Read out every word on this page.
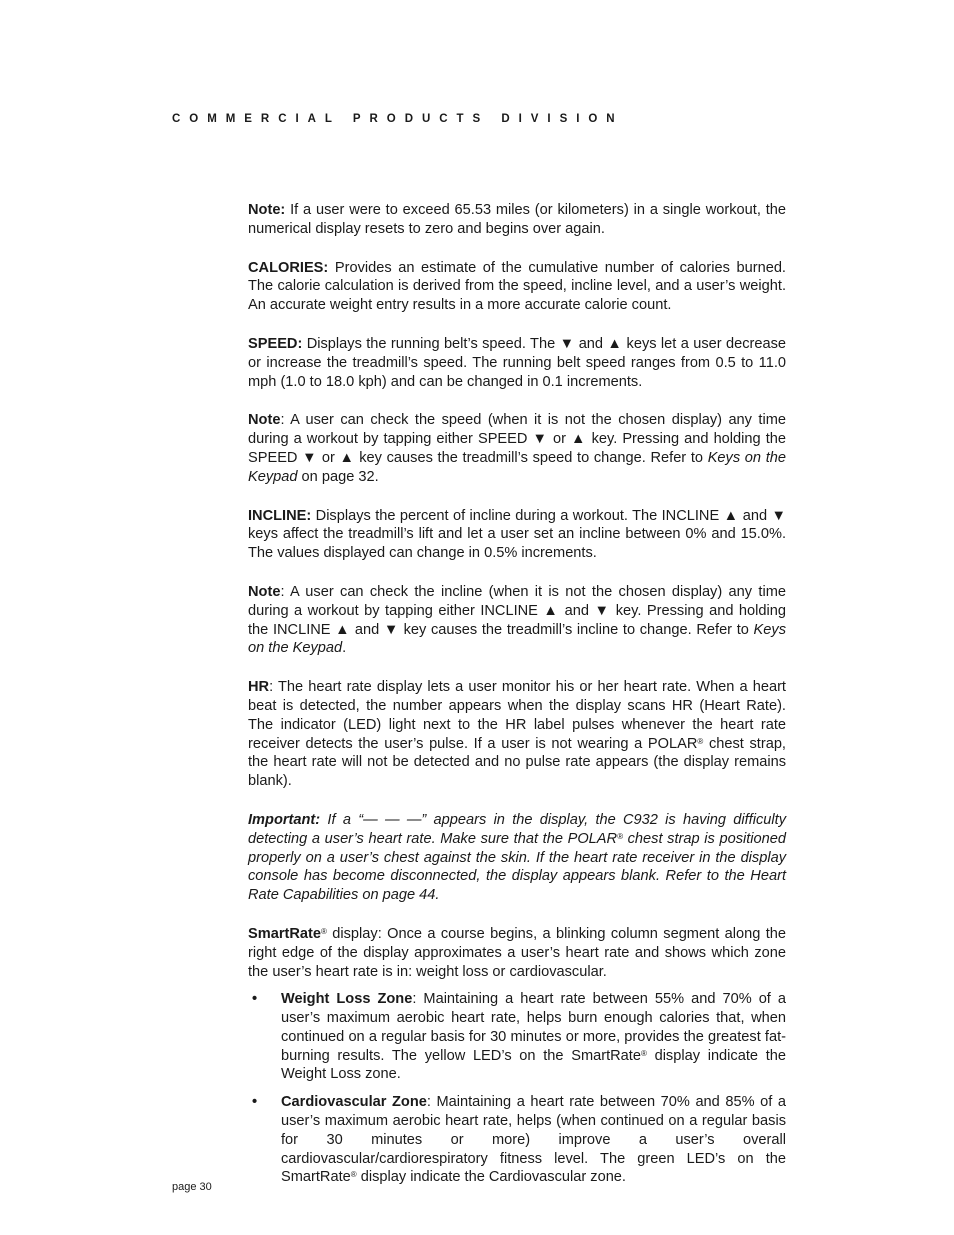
COMMERCIAL PRODUCTS DIVISION

Note: If a user were to exceed 65.53 miles (or kilometers) in a single workout, the numerical display resets to zero and begins over again.

CALORIES: Provides an estimate of the cumulative number of calories burned. The calorie calculation is derived from the speed, incline level, and a user’s weight. An accurate weight entry results in a more accurate calorie count.

SPEED: Displays the running belt’s speed. The ▼ and ▲ keys let a user decrease or increase the treadmill’s speed. The running belt speed ranges from 0.5 to 11.0 mph (1.0 to 18.0 kph) and can be changed in 0.1 increments.

Note: A user can check the speed (when it is not the chosen display) any time during a workout by tapping either SPEED ▼ or ▲ key. Pressing and holding the SPEED ▼ or ▲ key causes the treadmill’s speed to change. Refer to Keys on the Keypad on page 32.

INCLINE: Displays the percent of incline during a workout. The INCLINE ▲ and ▼ keys affect the treadmill’s lift and let a user set an incline between 0% and 15.0%. The values displayed can change in 0.5% increments.

Note: A user can check the incline (when it is not the chosen display) any time during a workout by tapping either INCLINE ▲ and ▼ key. Pressing and holding the INCLINE ▲ and ▼ key causes the treadmill’s incline to change. Refer to Keys on the Keypad.

HR: The heart rate display lets a user monitor his or her heart rate. When a heart beat is detected, the number appears when the display scans HR (Heart Rate). The indicator (LED) light next to the HR label pulses whenever the heart rate receiver detects the user’s pulse. If a user is not wearing a POLAR® chest strap, the heart rate will not be detected and no pulse rate appears (the display remains blank).

Important: If a “— — —” appears in the display, the C932 is having difficulty detecting a user’s heart rate. Make sure that the POLAR® chest strap is positioned properly on a user’s chest against the skin. If the heart rate receiver in the display console has become disconnected, the display appears blank. Refer to the Heart Rate Capabilities on page 44.

SmartRate® display: Once a course begins, a blinking column segment along the right edge of the display approximates a user’s heart rate and shows which zone the user’s heart rate is in: weight loss or cardiovascular.

• Weight Loss Zone: Maintaining a heart rate between 55% and 70% of a user’s maximum aerobic heart rate, helps burn enough calories that, when continued on a regular basis for 30 minutes or more, provides the greatest fat-burning results. The yellow LED’s on the SmartRate® display indicate the Weight Loss zone.
• Cardiovascular Zone: Maintaining a heart rate between 70% and 85% of a user’s maximum aerobic heart rate, helps (when continued on a regular basis for 30 minutes or more) improve a user’s overall cardiovascular/cardiorespiratory fitness level. The green LED’s on the SmartRate® display indicate the Cardiovascular zone.

page 30
